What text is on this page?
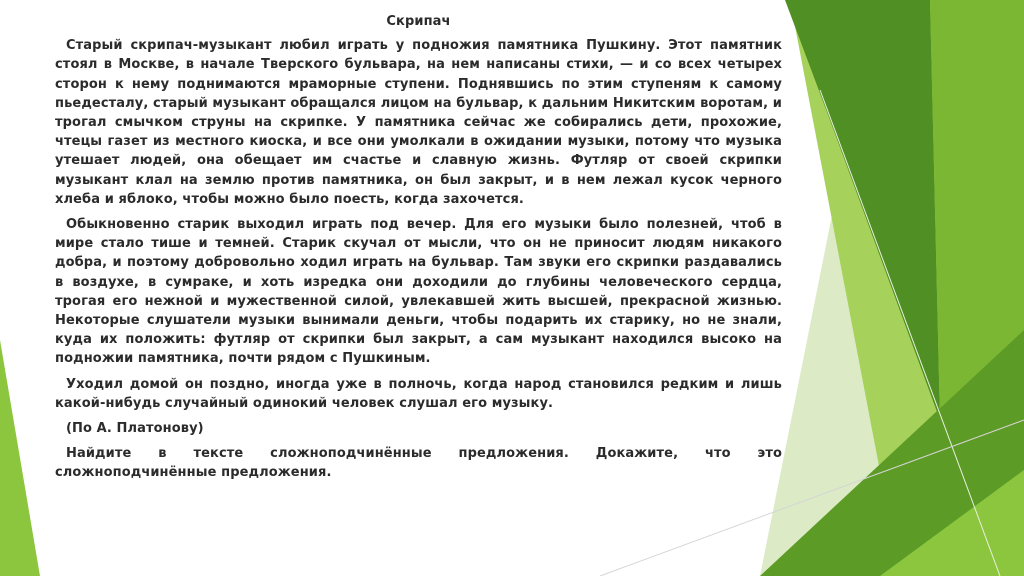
Скрипач

Старый скрипач-музыкант любил играть у подножия памятника Пушкину. Этот памятник стоял в Москве, в начале Тверского бульвара, на нем написаны стихи, — и со всех четырех сторон к нему поднимаются мраморные ступени. Поднявшись по этим ступеням к самому пьедесталу, старый музыкант обращался лицом на бульвар, к дальним Никитским воротам, и трогал смычком струны на скрипке. У памятника сейчас же собирались дети, прохожие, чтецы газет из местного киоска, и все они умолкали в ожидании музыки, потому что музыка утешает людей, она обещает им счастье и славную жизнь. Футляр от своей скрипки музыкант клал на землю против памятника, он был закрыт, и в нем лежал кусок черного хлеба и яблоко, чтобы можно было поесть, когда захочется.

Обыкновенно старик выходил играть под вечер. Для его музыки было полезней, чтоб в мире стало тише и темней. Старик скучал от мысли, что он не приносит людям никакого добра, и поэтому добровольно ходил играть на бульвар. Там звуки его скрипки раздавались в воздухе, в сумраке, и хоть изредка они доходили до глубины человеческого сердца, трогая его нежной и мужественной силой, увлекавшей жить высшей, прекрасной жизнью. Некоторые слушатели музыки вынимали деньги, чтобы подарить их старику, но не знали, куда их положить: футляр от скрипки был закрыт, а сам музыкант находился высоко на подножии памятника, почти рядом с Пушкиным.

Уходил домой он поздно, иногда уже в полночь, когда народ становился редким и лишь какой-нибудь случайный одинокий человек слушал его музыку.

(По А. Платонову)

Найдите в тексте сложноподчинённые предложения. Докажите, что это сложноподчинённые предложения.
